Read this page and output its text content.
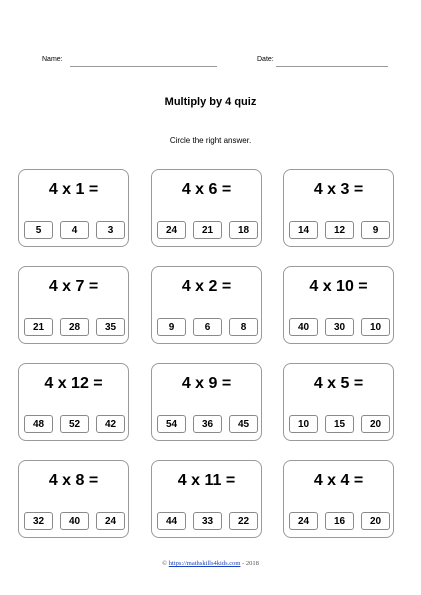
Name:	Date:
Multiply by 4 quiz
Circle the right answer.
4 x 1 =
5	4	3
4 x 6 =
24	21	18
4 x 3 =
14	12	9
4 x 7 =
21	28	35
4 x 2 =
9	6	8
4 x 10 =
40	30	10
4 x 12 =
48	52	42
4 x 9 =
54	36	45
4 x 5 =
10	15	20
4 x 8 =
32	40	24
4 x 11 =
44	33	22
4 x 4 =
24	16	20
© https://mathskills4kids.com - 2018
